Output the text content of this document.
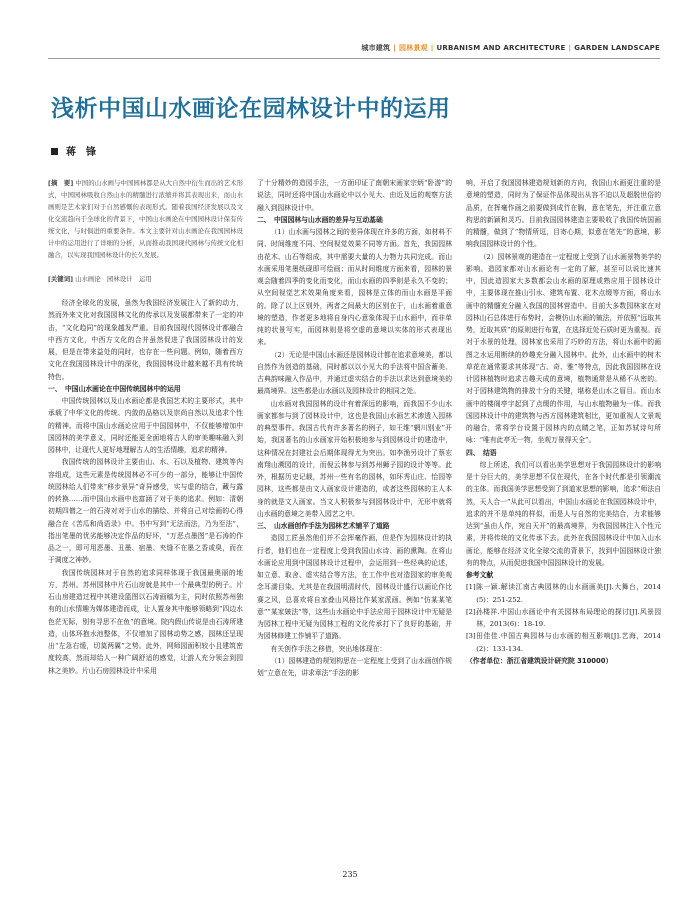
城市建筑 | 园林景观 | URBANISM AND ARCHITECTURE | GARDEN LANDSCAPE
浅析中国山水画论在园林设计中的运用
蒋　锋
[摘　要] 中国的山水画与中国园林都是从大自然中衍生而出的艺术形式，中国园林吸收自然山水的精髓进行浓缩并将其表现出来，而山水画则是艺术家们对于自然感慨的表现形式。随着我国经济发展以及文化交流趋向于全球化的背景下，中国山水画论在中国园林设计保有传统文化，与时俱进的重要条件。本文主要针对山水画论在我国园林设计中的运用进行了详细的分析，从而推动我国现代园林与传统文化相融合，以实现我国园林设计的长久发展。
[关键词] 山水画论　园林设计　运用

经济全球化的发展，虽然为我国经济发展注入了新的动力，然而外来文化对我国园林文化的传承以及发展都带来了一定的冲击，“文化趋同”的现象越发严重。目前我国现代园林设计都融合中西方文化，中西方文化的合并虽然促进了我国园林设计的发展，但是在带来益处的同时，也存在一些问题。例如，随着西方文化在我国园林设计中的深化，我国园林设计越来越不具有传统特色。

一、　中国山水画论在中国传统园林中的运用

中国传统园林以及山水画论都是我国艺术的主要形式，其中承载了中华文化的传统、内敛的品格以及崇尚自然以及追求个性的精神。而将中国山水画论应用于中国园林中，不仅能够增加中国园林的美学意义，同时还能更全面地将古人的审美趣味融入到园林中，让现代人更好地理解古人的生活情趣，追求的精神。

我国传统的园林设计主要由山、水、石以及植物、建筑等内容组成，这些元素是传统园林必不可少的一部分，能够让中国传统园林给人们带来“移步景异”奇异感受，实与虚的结合，藏与露的转换……而中国山水画中也富涵了对于美的追求。例如：清朝初期四僧之一的石涛对对于山水的描绘、并将自己对绘画的心得融合在《苦瓜和尚语录》中。书中写到“无法而法，乃为至法”，指出笔墨的优劣能够决定作品的好坏，“万恶点墨图”是石涛的作品之一，即可用恶墨、丑墨、宿墨、夹缝不在墨之香或臭，而在于调度之神妙。

我国传统园林对于自然的追求同样体现于我国最奥丽的地方，苏州。苏州园林中片石山房就是其中一个最典型的例子。片石山房建造过程中其建设篮图以石涛画稿为主，同时依照苏州独有的山水情趣为媒体建造而成，让人置身其中能够领略到“四边水色茫无际，别有寻思不在鱼”的意境。院内假山传说是由石涛所建造，山体环抱水池整体，不仅增加了园林动势之感，园林还呈现出“左急右缓，切莫两翼”之势。此外，网师园面积较小且建筑密度较高，然而却给人一种广阔舒适的感觉，让游人充分领会到园林之美妙。片山石房园林设计中采用

了十分精妙的造园手法，一方面印证了南朝宋画家宗炳“卧游”的说法，同时还将中国山水画论中以小见大、由近及远的观察方法融入到园林设计中。

二、　中国园林与山水画的差异与互动基础

（1）山水画与园林之间的差异体现在许多的方面，如材料不同、时间维度不同、空间视觉效果不同等方面。首先，我国园林由花木、山石等组成，其中需要大量的人力物力共同完成。而山水画采用笔墨纸砚即可绘画；而从时间维度方面来看，园林的景观会随着四季的变化而变化，而山水画的四季则是永久不变的；从空间视觉艺术效果角度来看，园林是立体的而山水画是平面的。除了以上区别外，两者之间最大的区别在于，山水画着重意境的塑造，作者更多地将自身内心意象体现于山水画中，而非单纯的状景写实，而园林则是将空虚的意境以实体的形式表现出来。

（2）无论是中国山水画还是园林设计都在追求意境美，都以自然作为创造的基础，同时都以以小见大的手法将中国含蓄美、古典韵味融入作品中，并通过虚实结合的手法以求达到意境美的最高境界。这些都是山水画以及园林设计的相同之处。

山水画对我国园林的设计有着深远的影响，而我国不少山水画家都参与到了园林设计中，这也是我国山水画艺术渗透入园林的典型事件。我国古代有许多著名的例子，如王维“辋川别业”开始，我国著名的山水画家开始积极地参与到园林设计的建造中，这种情况在封建社会后期体现得尤为突出。如李渔另设计了蔡宏南翔山溯园的设计，而倪云林参与到苏州狮子园的设计等等。此外，根据历史记载，苏州一些有名的园林，如环秀山庄、怡园等园林，这些都是由文人画家设计建造的，或者这些园林的主人本身的就是文人画家。当文人积极参与到园林设计中，无形中就将山水画的意境之美带入园艺之中。

三、　山水画创作手法为园林艺术铺平了道路

造园工匠虽然他们并不会挥毫作画，但是作为园林设计的执行者，他们也在一定程度上受到我国山水诗、画的熏陶。在将山水画论应用到中国园林设计过程中，会运用到一些经典的论述，如立意、取舍、虚实结合等方法，在工作中也对造园家的审美观念耳濡目染。尤其是在我国明清时代，园林设计盛行以画论作比赛之风，总喜欢将自家叠山风格比作某家派画。例如“仿某某笔意”“某家皴法”等，这些山水画论中手法应用于园林设计中无疑是为园林工程中无疑为园林工程的文化传承打下了良好的基础，并为园林修建工作铺平了道路。

有关创作手法之移借，突出地体现在：

（1）园林建造的规划构思在一定程度上受到了山水画创作规划“立意在先，讲求章法”手法的影

响，开启了我国园林建造规划新的方向，我国山水画更注重的是意境的塑造，同时为了保证作品体现出从容不迫以及超脱世俗的品质，在挥毫作画之前要做到成竹在胸，意在笔先，并注重立意构思的新颖和灵巧。目前我国园林建造主要吸收了我国传统国画的精髓，做到了“物情所逗，目寄心期，似意在笔先”的意境，影响我国园林设计的个性。

（2）园林景观的建造在一定程度上受到了山水画景物美学的影响。造园家都对山水画论有一定的了解，甚至可以说比速其中，因此造园家大多数都会山水画的原理或熟应用于园林设计中，主要体现在推山引水、建筑布置、花木点缀等方面，将山水画中的精髓充分融入我国的园林营造中。目前大多数园林家在对园林山石总体进行布势时，会模仿山水画的皴法，并依照“远取其势，近取其质”的原则进行布置，在选择近处石质时更为重视。而对于水景的处理，园林家也采用了巧妙的方法，将山水画中的画图之水运用断续的妙趣充分融入园林中。此外，山水画中的树木草花在通常要求其体现“古、奇、雅”等特点，因此我国园林在设计园林植物时追求古趣天成的意境，植物通常是从稀不从密的。对于园林建筑物的排放十分的关键，堪称是山水之眉目。而山水画中的楼阁亭宇起到了点缀的作用，与山水植物融为一体。而我国园林设计中的建筑物与西方园林建筑相比，更加重视人文景观的融合，常将学台设置于园林内的点睛之笔，正如苏轼诗句所咏：“唯有此亭无一物，坐观万景得天全”。

四、　结语

综上所述，我们可以看出美学思想对于我国园林设计的影响是十分巨大的，美学思想不仅在现代，在各个时代都是引领潮流的主体。而我国美学思想受到了到道家思想的影响，追求“师法自然，天人合一”从此可以看出，中国山水画论在我国园林设计中，追求的并不是单纯的样似，而是人与自然的完美结合，力求能够达到“虽由人作，宛自天开”的最高境界，为我国园林注入个性元素，并将传统的文化传承下去。此外在我国园林设计中加入山水画论，能够在经济文化全球交流的背景下，找到中国园林设计独有的特点，从而促进我国中国园林设计的发展。

参考文献

[1]陈一颖.解读江南古典园林的山水画画美[J].大舞台，2014(5)：251-252.

[2]孙楼祥.中国山水画论中有关园林布局理论的探讨[J].风景园林，2013(6)：18-19.

[3]田佳佳.中国古典园林与山水画的相互影响[J].艺海，2014(2)：133-134.

（作者单位：浙江省建筑设计研究院 310000）

235
